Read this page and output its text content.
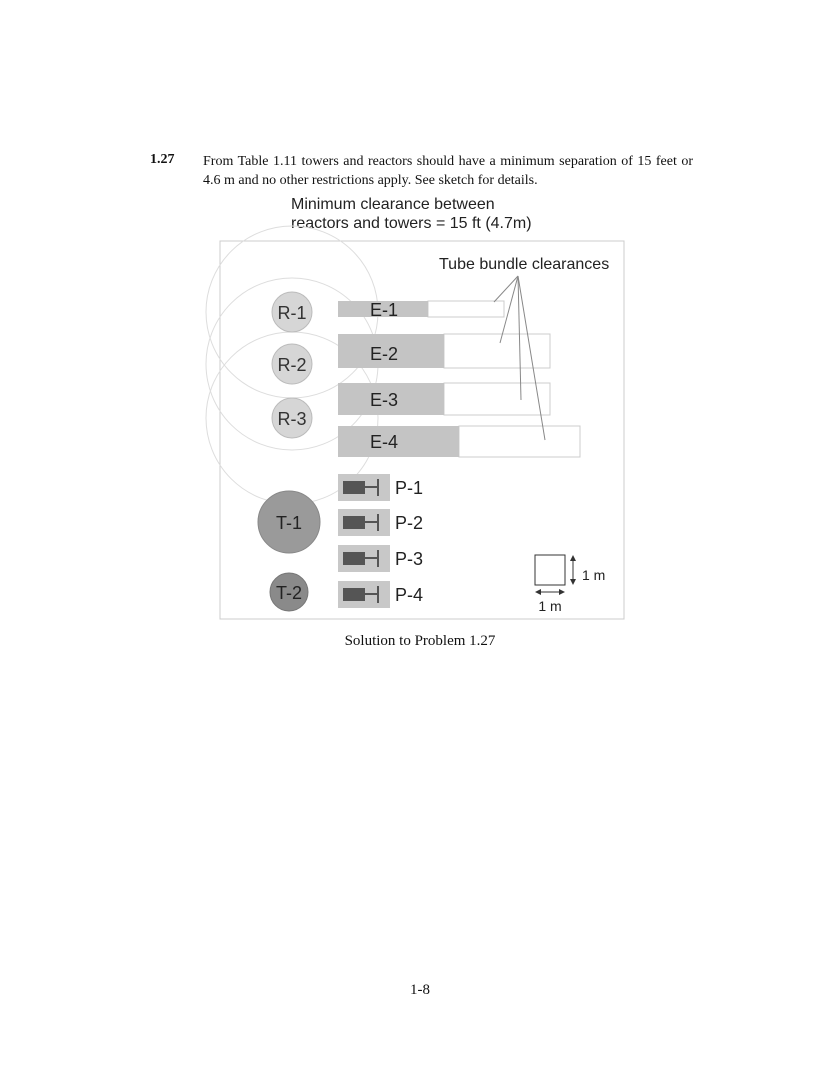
1.27 From Table 1.11 towers and reactors should have a minimum separation of 15 feet or 4.6 m and no other restrictions apply. See sketch for details.
Minimum clearance between
reactors and towers = 15 ft (4.7m)
R-1
R-2
R-3
T-1
T-2
E-1
E-2
E-3
E-4
Tube bundle clearances
P-1
P-2
P-3
P-4
1 m
1 m
Solution to Problem 1.27
1-8
